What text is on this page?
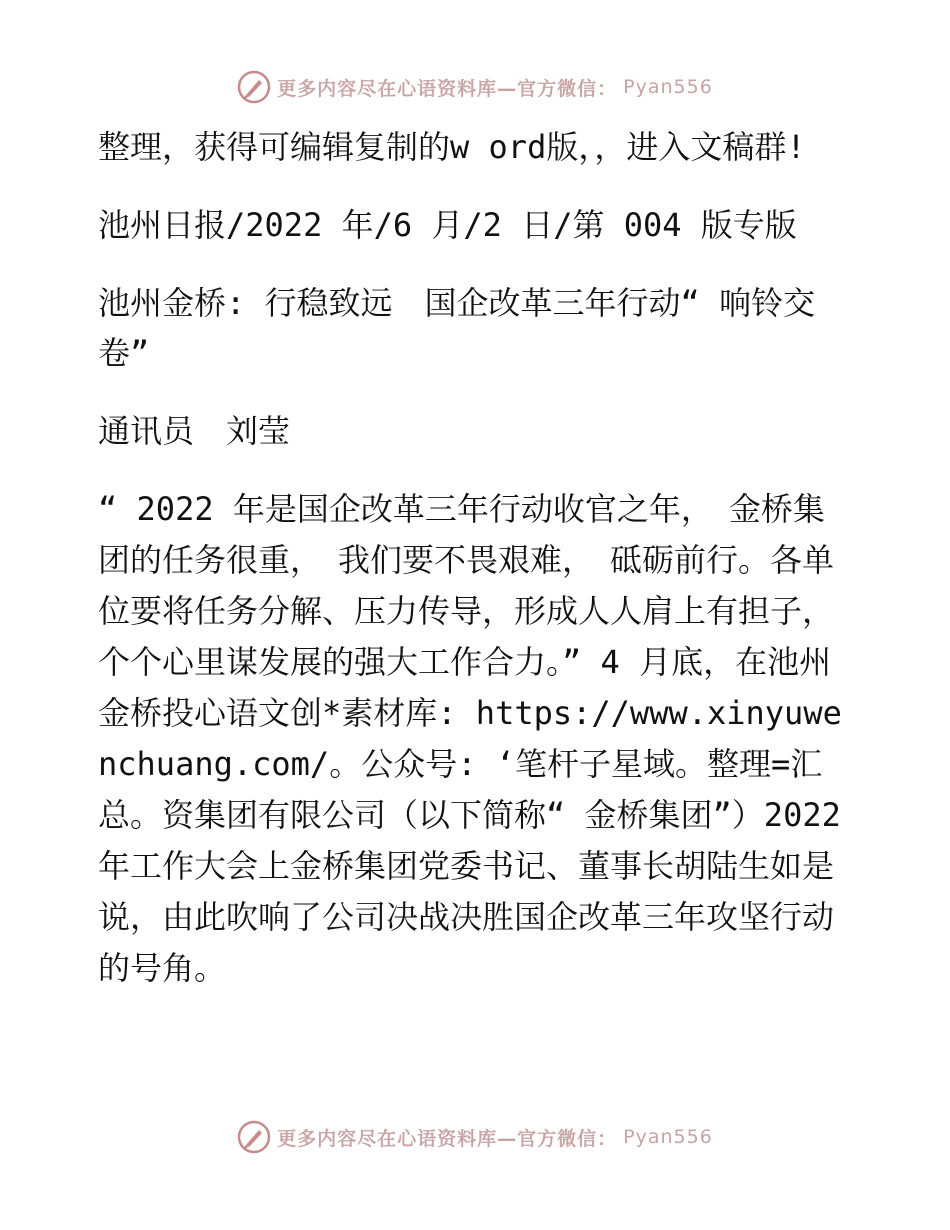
更多内容尽在心语资料库—官方微信： Pyan556

整理，获得可编辑复制的w ord版，，进入文稿群!

池州日报/2022 年/6 月/2 日/第 004 版专版

池州金桥: 行稳致远　国企改革三年行动“ 响铃交卷”

通讯员　刘莹

“ 2022 年是国企改革三年行动收官之年，　金桥集团的任务很重，　我们要不畏艰难，　砥砺前行。各单位要将任务分解、压力传导，形成人人肩上有担子，个个心里谋发展的强大工作合力。” 4 月底，在池州金桥投心语文创*素材库: https://www.xinyuwenchuang.com/。公众号: ‘笔杆子星域。整理=汇总。资集团有限公司（以下简称“ 金桥集团”）2022 年工作大会上金桥集团党委书记、董事长胡陆生如是说，由此吹响了公司决战决胜国企改革三年攻坚行动的号角。

更多内容尽在心语资料库—官方微信： Pyan556
